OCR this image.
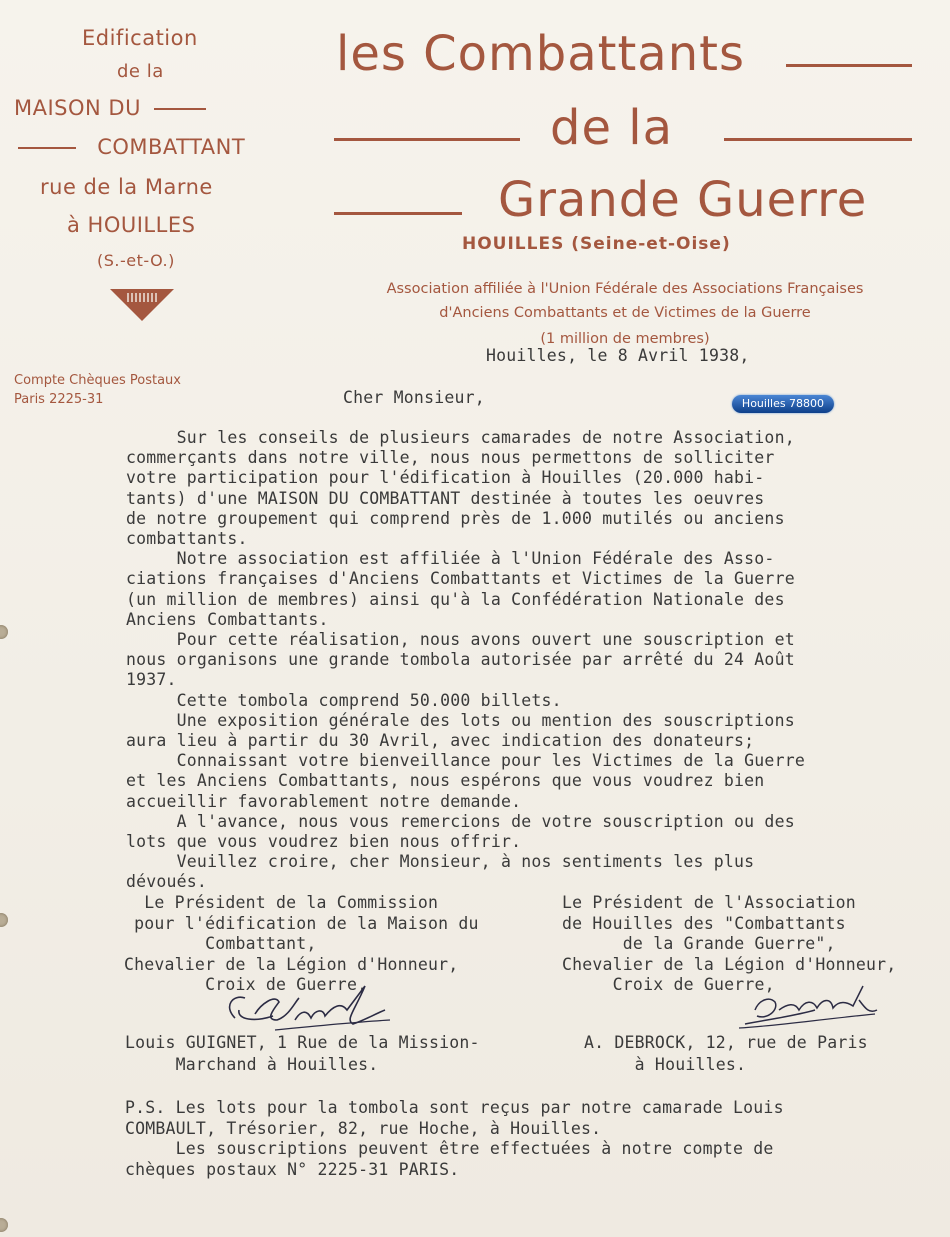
Edification
de la
MAISON DU
COMBATTANT
rue de la Marne
à HOUILLES
(S.-et-O.)
Compte Chèques Postaux
Paris 2225-31
les Combattants
de la
Grande Guerre
HOUILLES (Seine-et-Oise)
Association affiliée à l'Union Fédérale des Associations Françaises
d'Anciens Combattants et de Victimes de la Guerre
(1 million de membres)
Houilles 78800
Houilles, le 8 Avril 1938,
Cher Monsieur,
Sur les conseils de plusieurs camarades de notre Association,
commerçants dans notre ville, nous nous permettons de solliciter
votre participation pour l'édification à Houilles (20.000 habi-
tants) d'une MAISON DU COMBATTANT destinée à toutes les oeuvres
de notre groupement qui comprend près de 1.000 mutilés ou anciens
combattants.
Notre association est affiliée à l'Union Fédérale des Asso-
ciations françaises d'Anciens Combattants et Victimes de la Guerre
(un million de membres) ainsi qu'à la Confédération Nationale des
Anciens Combattants.
Pour cette réalisation, nous avons ouvert une souscription et
nous organisons une grande tombola autorisée par arrêté du 24 Août
1937.
Cette tombola comprend 50.000 billets.
Une exposition générale des lots ou mention des souscriptions
aura lieu à partir du 30 Avril, avec indication des donateurs;
Connaissant votre bienveillance pour les Victimes de la Guerre
et les Anciens Combattants, nous espérons que vous voudrez bien
accueillir favorablement notre demande.
A l'avance, nous vous remercions de votre souscription ou des
lots que vous voudrez bien nous offrir.
Veuillez croire, cher Monsieur, à nos sentiments les plus
dévoués.
Le Président de la Commission
pour l'édification de la Maison du
Combattant,
Chevalier de la Légion d'Honneur,
Croix de Guerre,
Le Président de l'Association
de Houilles des "Combattants
de la Grande Guerre",
Chevalier de la Légion d'Honneur,
Croix de Guerre,
Louis GUIGNET, 1 Rue de la Mission-
Marchand à Houilles.
A. DEBROCK, 12, rue de Paris
à Houilles.
P.S. Les lots pour la tombola sont reçus par notre camarade Louis
COMBAULT, Trésorier, 82, rue Hoche, à Houilles.
Les souscriptions peuvent être effectuées à notre compte de
chèques postaux N° 2225-31 PARIS.
